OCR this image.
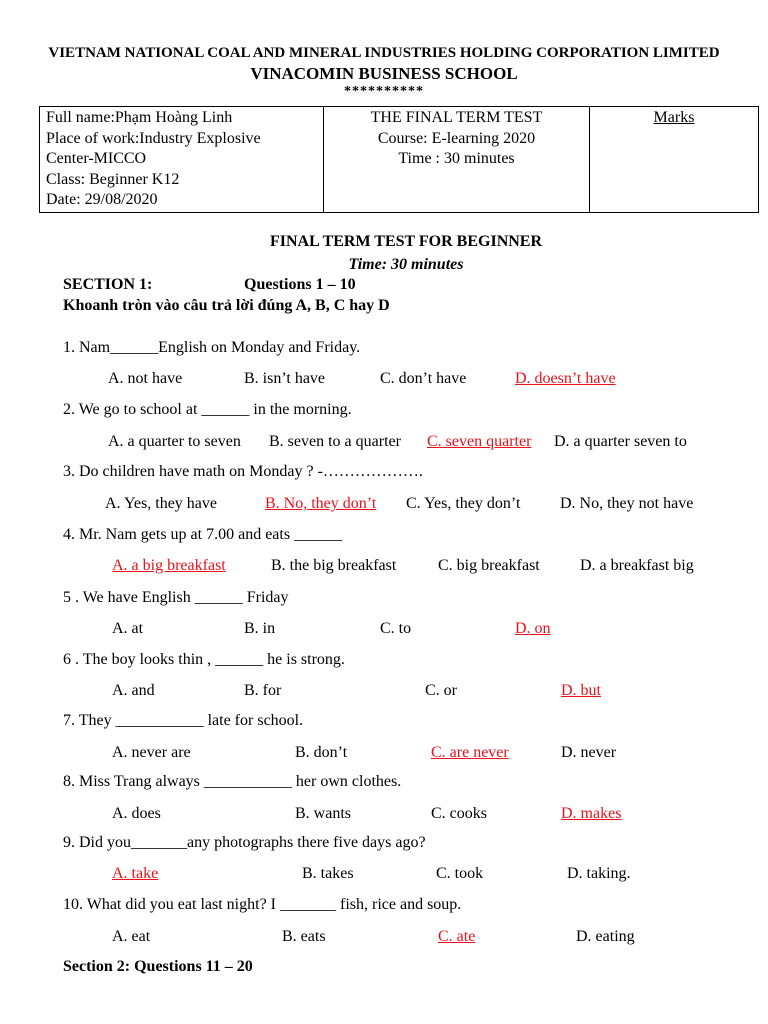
VIETNAM NATIONAL COAL AND MINERAL INDUSTRIES HOLDING CORPORATION LIMITED
VINACOMIN BUSINESS SCHOOL
**********
Full name:Phạm Hoàng Linh
Place of work:Industry Explosive
Center-MICCO
Class: Beginner K12
Date: 29/08/2020

THE FINAL TERM TEST
Course: E-learning 2020
Time : 30 minutes
	Marks
FINAL TERM TEST FOR BEGINNER
Time: 30 minutes
SECTION 1:	Questions 1 – 10
Khoanh tròn vào câu trả lời đúng A, B, C hay D
1. Nam______English on Monday and Friday.
A. not have	B. isn’t have	C. don’t have	D. doesn’t have
2. We go to school at ______ in the morning.
A. a quarter to seven B. seven to a quarter C. seven quarter D. a quarter seven to
3. Do children have math on Monday ? -……………….
A. Yes, they have	B. No, they don’t C. Yes, they don’t D. No, they not have
4. Mr. Nam gets up at 7.00 and eats ______
A. a big breakfast	B. the big breakfast	C. big breakfast	D. a breakfast big
5 . We have English ______ Friday
A. at	B. in	C. to	D. on
6 . The boy looks thin , ______ he is strong.
A. and	B. for	C. or	D. but
7. They ___________ late for school.
A. never are	B. don’t	C. are never	D. never
8. Miss Trang always ___________ her own clothes.
A. does	B. wants	C. cooks	D. makes
9. Did you_______any photographs there five days ago?
A. take	B. takes	C. took	D. taking.
10. What did you eat last night? I _______ fish, rice and soup.
A. eat	B. eats	C. ate	D. eating
Section 2: Questions 11 – 20
